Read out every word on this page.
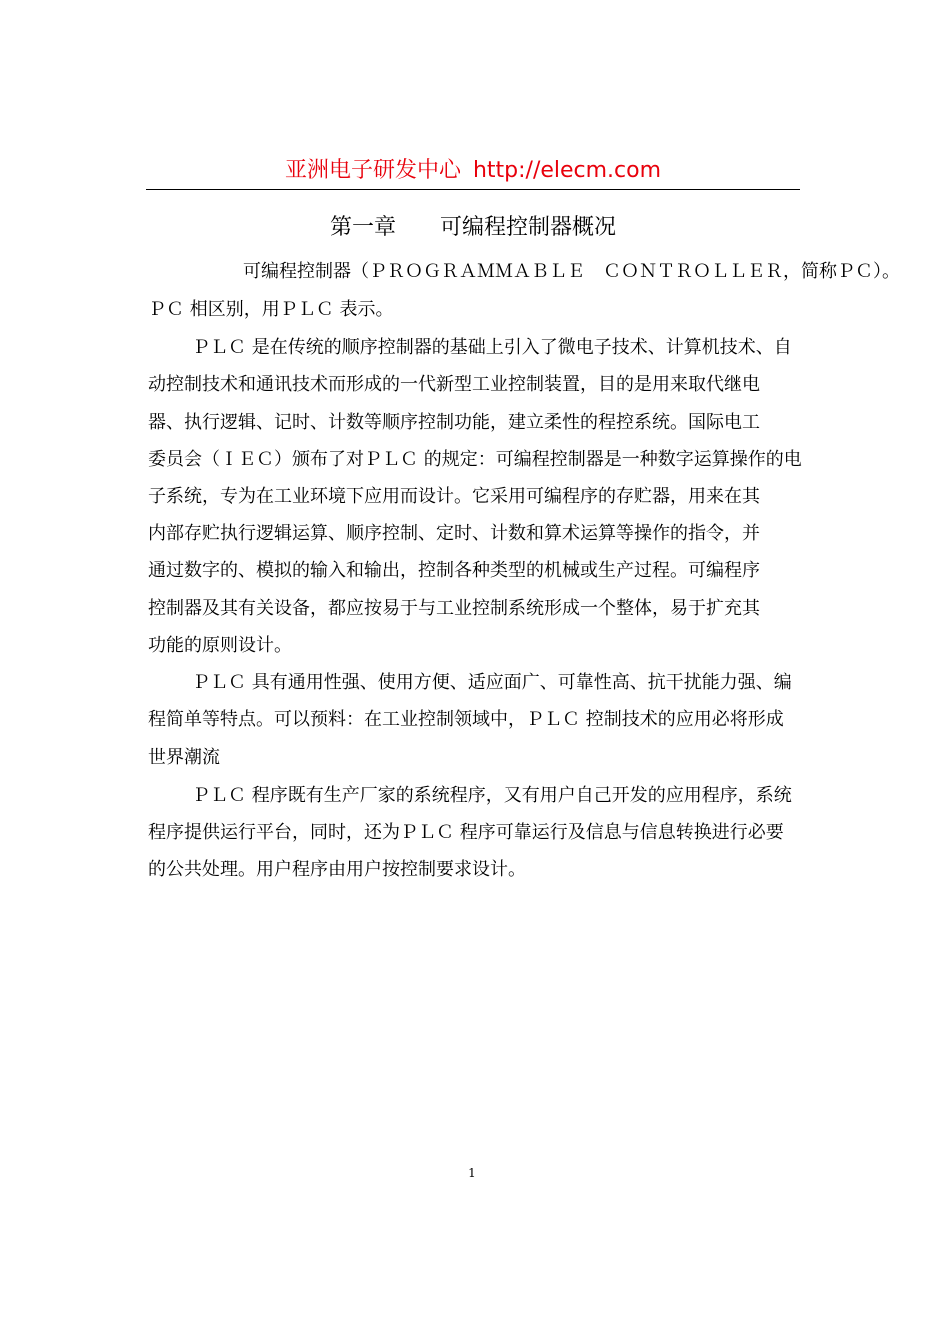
亚洲电子研发中心 http://elecm.com
第一章　　可编程控制器概况
可编程控制器（ＰＲＯＧＲＡＭＭＡＢＬＥ　ＣＯＮＴＲＯＬＬＥＲ，简称ＰＣ）。
ＰＣ 相区别，用ＰＬＣ 表示。
ＰＬＣ 是在传统的顺序控制器的基础上引入了微电子技术、计算机技术、自
动控制技术和通讯技术而形成的一代新型工业控制装置，目的是用来取代继电
器、执行逻辑、记时、计数等顺序控制功能，建立柔性的程控系统。国际电工
委员会（ＩＥＣ）颁布了对ＰＬＣ 的规定：可编程控制器是一种数字运算操作的电
子系统，专为在工业环境下应用而设计。它采用可编程序的存贮器，用来在其
内部存贮执行逻辑运算、顺序控制、定时、计数和算术运算等操作的指令，并
通过数字的、模拟的输入和输出，控制各种类型的机械或生产过程。可编程序
控制器及其有关设备，都应按易于与工业控制系统形成一个整体，易于扩充其
功能的原则设计。
ＰＬＣ 具有通用性强、使用方便、适应面广、可靠性高、抗干扰能力强、编
程简单等特点。可以预料：在工业控制领域中，ＰＬＣ 控制技术的应用必将形成
世界潮流
ＰＬＣ 程序既有生产厂家的系统程序，又有用户自己开发的应用程序，系统
程序提供运行平台，同时，还为ＰＬＣ 程序可靠运行及信息与信息转换进行必要
的公共处理。用户程序由用户按控制要求设计。
1
